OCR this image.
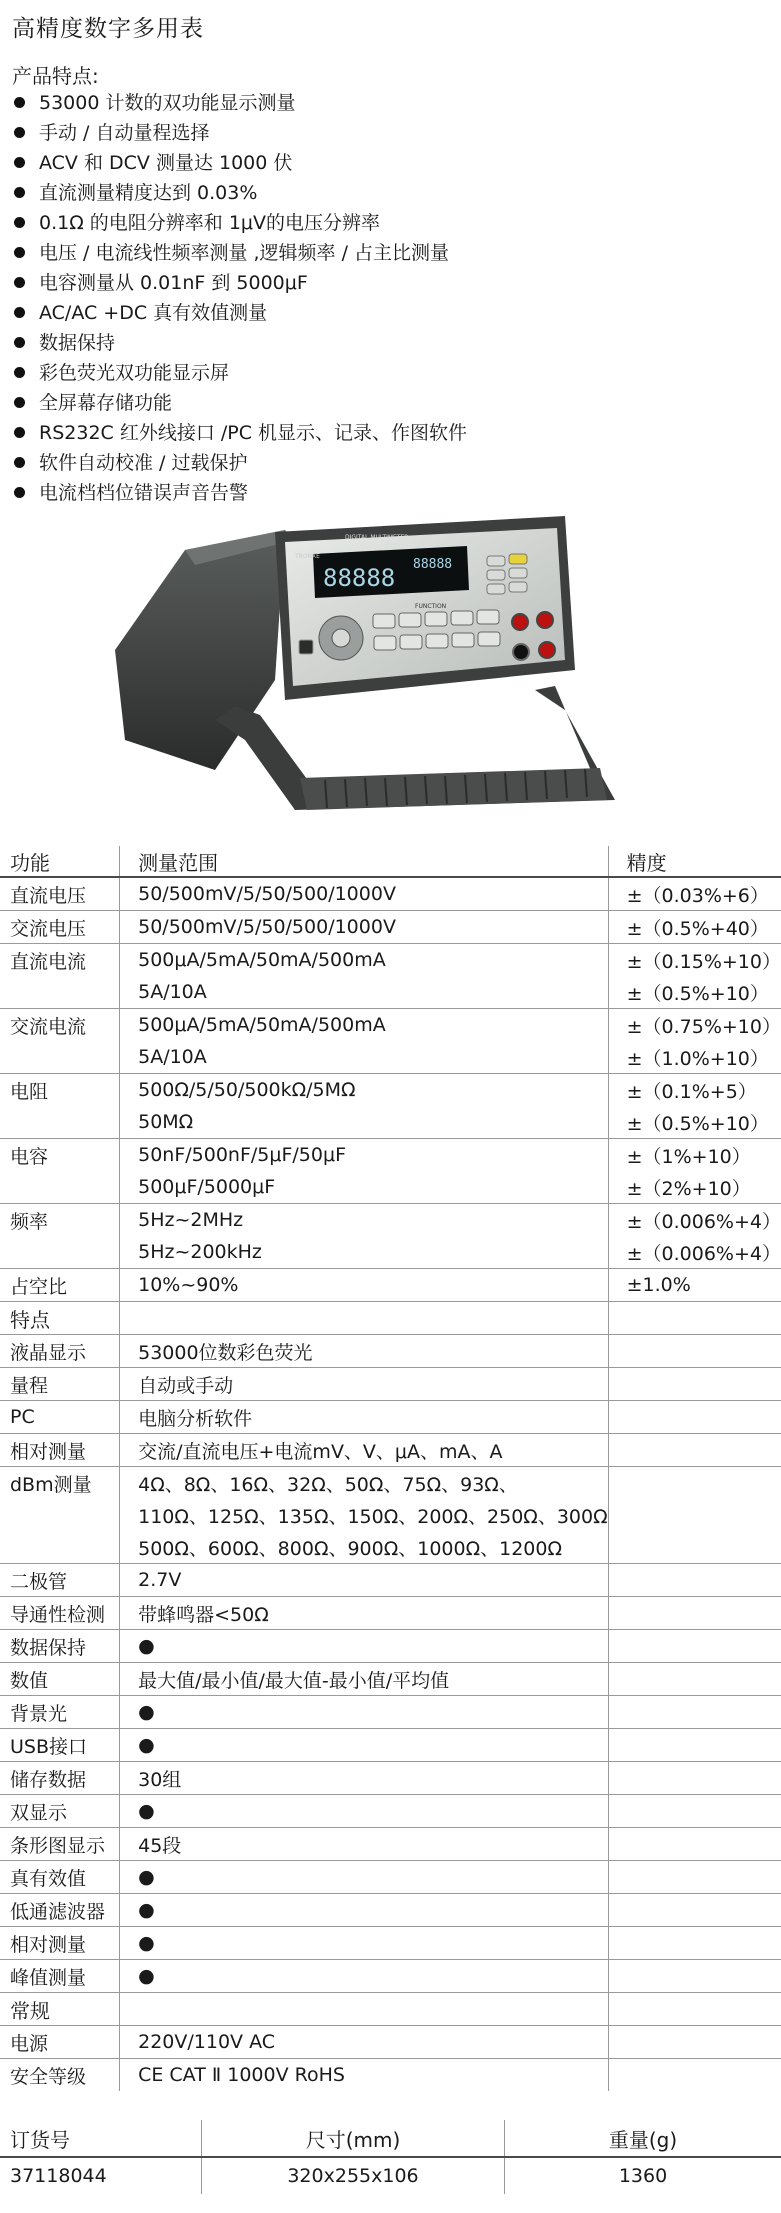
高精度数字多用表
产品特点:
53000 计数的双功能显示测量
手动 / 自动量程选择
ACV 和 DCV 测量达 1000 伏
直流测量精度达到 0.03%
0.1Ω 的电阻分辨率和 1μV的电压分辨率
电压 / 电流线性频率测量 ,逻辑频率 / 占主比测量
电容测量从 0.01nF 到 5000μF
AC/AC +DC 真有效值测量
数据保持
彩色荧光双功能显示屏
全屏幕存储功能
RS232C 红外线接口 /PC 机显示、记录、作图软件
软件自动校准 / 过载保护
电流档档位错误声音告警
DIGITAL MULTIMETER
TRONXE
88888 88888
FUNCTION
功能	测量范围	精度
直流电压	50/500mV/5/50/500/1000V	±（0.03%+6）
交流电压	50/500mV/5/50/500/1000V	±（0.5%+40）
直流电流	500μA/5mA/50mA/500mA	±（0.15%+10）
	5A/10A	±（0.5%+10）
交流电流	500μA/5mA/50mA/500mA	±（0.75%+10）
	5A/10A	±（1.0%+10）
电阻	500Ω/5/50/500kΩ/5MΩ	±（0.1%+5）
	50MΩ	±（0.5%+10）
电容	50nF/500nF/5μF/50μF	±（1%+10）
	500μF/5000μF	±（2%+10）
频率	5Hz~2MHz	±（0.006%+4）
	5Hz~200kHz	±（0.006%+4）
占空比	10%~90%	±1.0%
特点		
液晶显示	53000位数彩色荧光	
量程	自动或手动	
PC	电脑分析软件	
相对测量	交流/直流电压+电流mV、V、μA、mA、A	
dBm测量	4Ω、8Ω、16Ω、32Ω、50Ω、75Ω、93Ω、	
	110Ω、125Ω、135Ω、150Ω、200Ω、250Ω、300Ω	
	500Ω、600Ω、800Ω、900Ω、1000Ω、1200Ω	
二极管	2.7V	
导通性检测	带蜂鸣器<50Ω	
数据保持	●	
数值	最大值/最小值/最大值-最小值/平均值	
背景光	●	
USB接口	●	
储存数据	30组	
双显示	●	
条形图显示	45段	
真有效值	●	
低通滤波器	●	
相对测量	●	
峰值测量	●	
常规		
电源	220V/110V AC	
安全等级	CE CAT Ⅱ 1000V RoHS	
订货号	尺寸(mm)	重量(g)
37118044	320x255x106	1360
